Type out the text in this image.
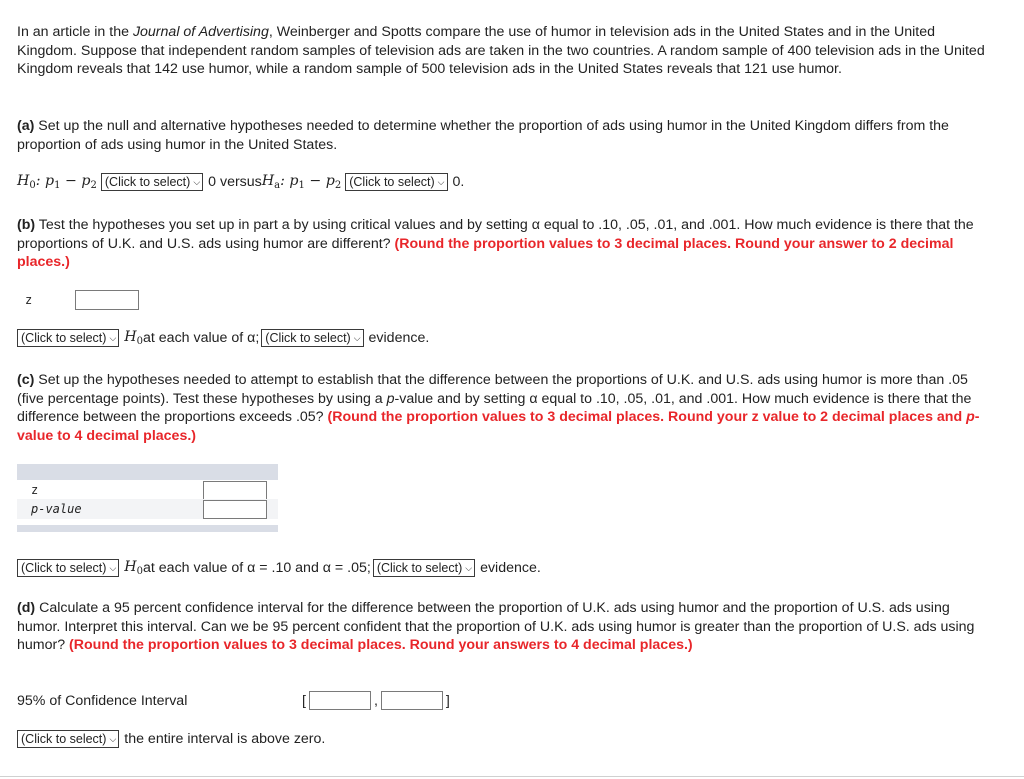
In an article in the Journal of Advertising, Weinberger and Spotts compare the use of humor in television ads in the United States and in the United Kingdom. Suppose that independent random samples of television ads are taken in the two countries. A random sample of 400 television ads in the United Kingdom reveals that 142 use humor, while a random sample of 500 television ads in the United States reveals that 121 use humor.

(a) Set up the null and alternative hypotheses needed to determine whether the proportion of ads using humor in the United Kingdom differs from the proportion of ads using humor in the United States.

$H_0$: $p_1 - p_2$ (Click to select) ⌵ 0 versus $H_a$: $p_1 - p_2$ (Click to select) ⌵ 0.

(b) Test the hypotheses you set up in part a by using critical values and by setting α equal to .10, .05, .01, and .001. How much evidence is there that the proportions of U.K. and U.S. ads using humor are different? (Round the proportion values to 3 decimal places. Round your answer to 2 decimal places.)

z
(Click to select) ⌵ $H_0$ at each value of α; (Click to select) ⌵ evidence.

(c) Set up the hypotheses needed to attempt to establish that the difference between the proportions of U.K. and U.S. ads using humor is more than .05 (five percentage points). Test these hypotheses by using a p-value and by setting α equal to .10, .05, .01, and .001. How much evidence is there that the difference between the proportions exceeds .05? (Round the proportion values to 3 decimal places. Round your z value to 2 decimal places and p-value to 4 decimal places.)

z
p-value
(Click to select) ⌵ $H_0$ at each value of α = .10 and α = .05; (Click to select) ⌵ evidence.

(d) Calculate a 95 percent confidence interval for the difference between the proportion of U.K. ads using humor and the proportion of U.S. ads using humor. Interpret this interval. Can we be 95 percent confident that the proportion of U.K. ads using humor is greater than the proportion of U.S. ads using humor? (Round the proportion values to 3 decimal places. Round your answers to 4 decimal places.)

95% of Confidence Interval	[	,	]
(Click to select) ⌵ the entire interval is above zero.
